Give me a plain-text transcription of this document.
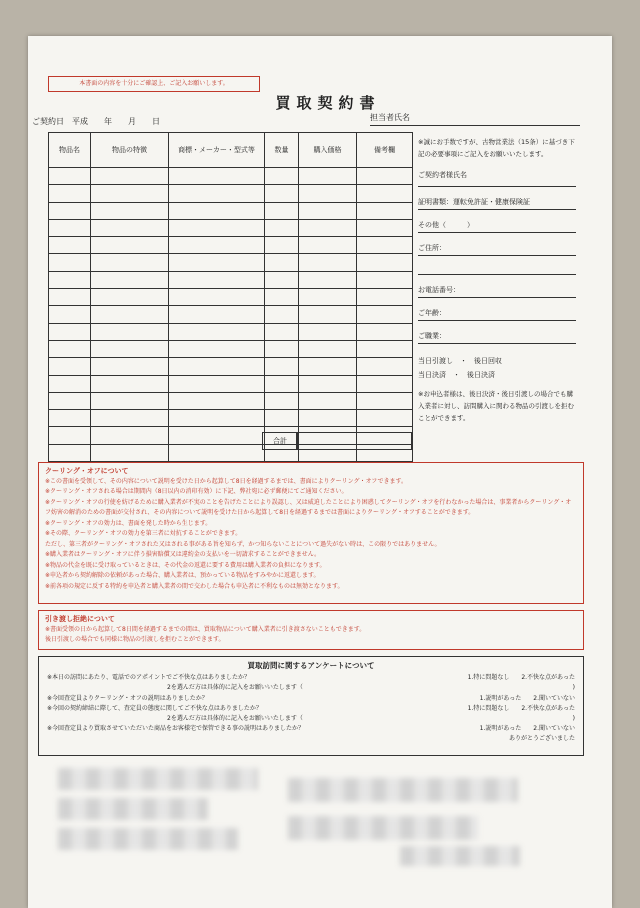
本書面の内容を十分にご確認上、ご記入お願いします。
買取契約書
ご契約日　平成　　年　　月　　日	担当者氏名
物品名	物品の特徴	商標・メーカー・型式等	数量	購入価格	備考欄

合計
※誠にお手数ですが、古物営業法（15条）に基づき下記の必要事項にご記入をお願いいたします。
ご契約者様氏名
証明書類：運転免許証・健康保険証
その他（　　　）
ご住所：
お電話番号：
ご年齢：
ご職業：
当日引渡し　・　後日回収
当日決済　・　後日決済
※お申込者様は、後日決済・後日引渡しの場合でも購入業者に対し、訪問購入に関わる物品の引渡しを拒むことができます。
クーリング・オフについて
※この書面を受領して、その内容について説明を受けた日から起算して8日を経過するまでは、書面によりクーリング・オフできます。
※クーリング・オフされる場合は期間内（8日以内の消印有効）に下記、弊社宛に必ず郵便にてご通知ください。
※クーリング・オフの行使を妨げるために購入業者が不実のことを告げたことにより誤認し、又は威迫したことにより困惑してクーリング・オフを行わなかった場合は、事業者からクーリング・オフ妨害の解消のための書面が交付され、その内容について説明を受けた日から起算して8日を経過するまでは書面によりクーリング・オフすることができます。
※クーリング・オフの効力は、書面を発した時から生じます。
※その際、クーリング・オフの効力を第三者に対抗することができます。
ただし、第三者がクーリング・オフされた又はされる事がある旨を知らず、かつ知らないことについて過失がない時は、この限りではありません。
※購入業者はクーリング・オフに伴う損害賠償又は違約金の支払いを一切請求することができません。
※物品の代金を既に受け取っているときは、その代金の返還に要する費用は購入業者の負担になります。
※申込者から契約解除の依頼があった場合、購入業者は、預かっている物品をすみやかに返還します。
※前各項の規定に反する特約を申込者と購入業者の間で交わした場合も申込者に不利なものは無効となります。
引き渡し拒絶について
※書面受領の日から起算して8日間を経過するまでの間は、買取物品について購入業者に引き渡さないこともできます。
後日引渡しの場合でも同様に物品の引渡しを拒むことができます。
買取訪問に関するアンケートについて
※本日の訪問にあたり、電話でのアポイントでご不快な点はありましたか？	1.特に問題なし　　2.不快な点があった
2を選んだ方は具体的に記入をお願いいたします（	)
※今回査定員よりクーリング・オフの説明はありましたか？	1.説明があった　　2.聞いていない
※今回の契約締結に際して、査定員の態度に関してご不快な点はありましたか？	1.特に問題なし　　2.不快な点があった
2を選んだ方は具体的に記入をお願いいたします（	)
※今回査定員より買取させていただいた商品をお客様宅で保管できる事の説明はありましたか？	1.説明があった　　2.聞いていない
ありがとうございました
